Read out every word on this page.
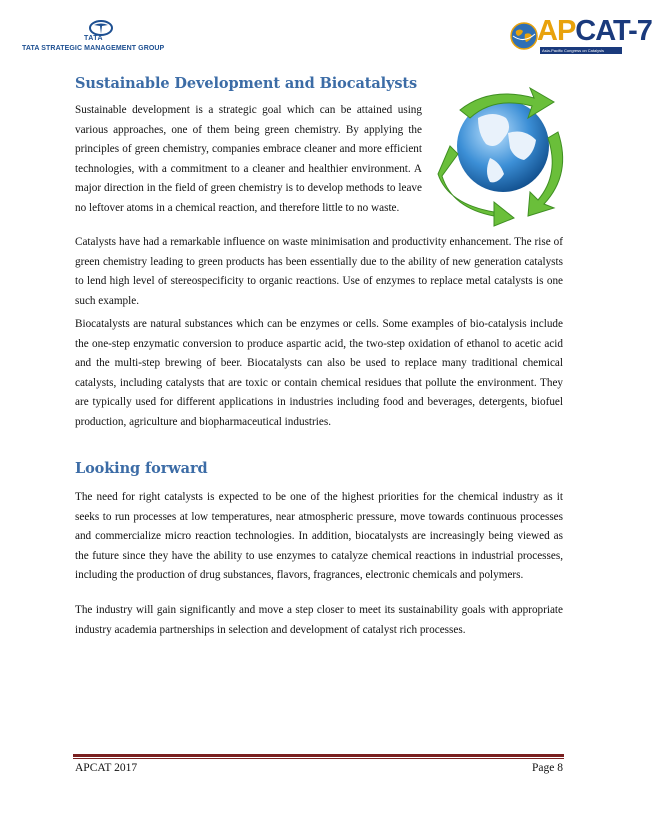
TATA
TATA STRATEGIC MANAGEMENT GROUP
APCAT-7
Asia-Pacific Congress on Catalysis
Sustainable Development and Biocatalysts

Sustainable development is a strategic goal which can be attained using various approaches, one of them being green chemistry. By applying the principles of green chemistry, companies embrace cleaner and more efficient technologies, with a commitment to a cleaner and healthier environment. A major direction in the field of green chemistry is to develop methods to leave no leftover atoms in a chemical reaction, and therefore little to no waste.

Catalysts have had a remarkable influence on waste minimisation and productivity enhancement. The rise of green chemistry leading to green products has been essentially due to the ability of new generation catalysts to lend high level of stereospecificity to organic reactions. Use of enzymes to replace metal catalysts is one such example.

Biocatalysts are natural substances which can be enzymes or cells. Some examples of bio-catalysis include the one-step enzymatic conversion to produce aspartic acid, the two-step oxidation of ethanol to acetic acid and the multi-step brewing of beer. Biocatalysts can also be used to replace many traditional chemical catalysts, including catalysts that are toxic or contain chemical residues that pollute the environment. They are typically used for different applications in industries including food and beverages, detergents, biofuel production, agriculture and biopharmaceutical industries.

Looking forward

The need for right catalysts is expected to be one of the highest priorities for the chemical industry as it seeks to run processes at low temperatures, near atmospheric pressure, move towards continuous processes and commercialize micro reaction technologies. In addition, biocatalysts are increasingly being viewed as the future since they have the ability to use enzymes to catalyze chemical reactions in industrial processes, including the production of drug substances, flavors, fragrances, electronic chemicals and polymers.

The industry will gain significantly and move a step closer to meet its sustainability goals with appropriate industry academia partnerships in selection and development of catalyst rich processes.

APCAT 2017	Page 8
